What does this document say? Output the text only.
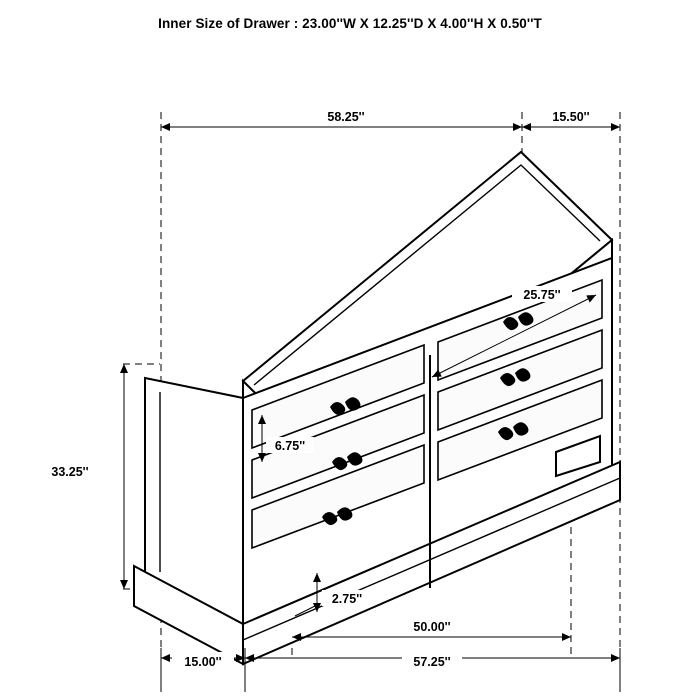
Inner Size of Drawer : 23.00''W X 12.25''D X 4.00''H X 0.50''T
58.25''	15.50''
25.75''
6.75''
33.25''
2.75''
15.00''
50.00''
57.25''
